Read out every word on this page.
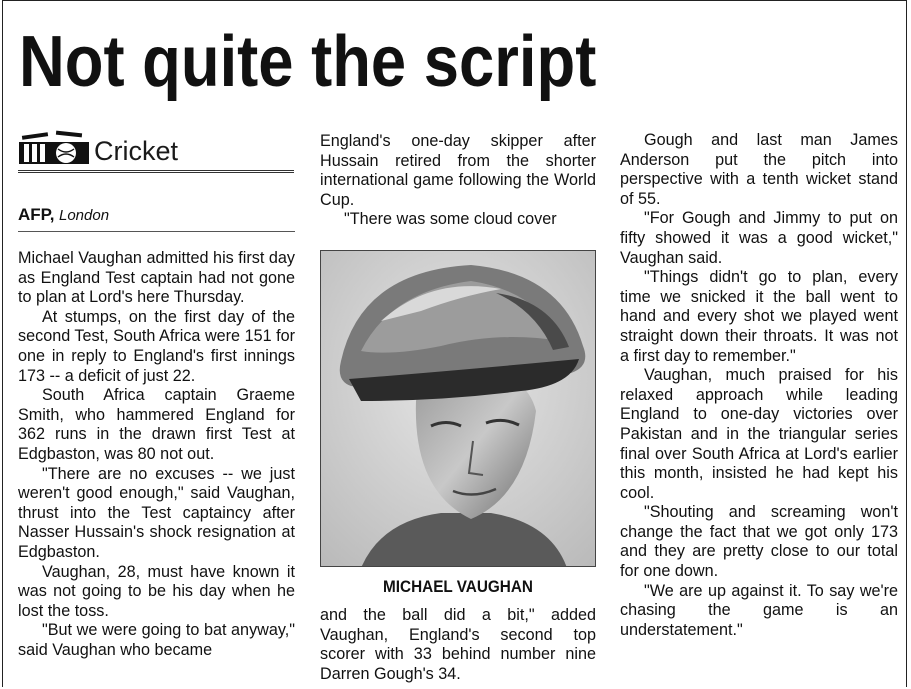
Not quite the script
Cricket
AFP, London

Michael Vaughan admitted his first day as England Test captain had not gone to plan at Lord's here Thursday.

At stumps, on the first day of the second Test, South Africa were 151 for one in reply to England's first innings 173 -- a deficit of just 22.

South Africa captain Graeme Smith, who hammered England for 362 runs in the drawn first Test at Edgbaston, was 80 not out.

"There are no excuses -- we just weren't good enough," said Vaughan, thrust into the Test captaincy after Nasser Hussain's shock resignation at Edgbaston.

Vaughan, 28, must have known it was not going to be his day when he lost the toss.

"But we were going to bat anyway," said Vaughan who became

England's one-day skipper after Hussain retired from the shorter international game following the World Cup.

"There was some cloud cover

MICHAEL VAUGHAN

and the ball did a bit," added Vaughan, England's second top scorer with 33 behind number nine Darren Gough's 34.

Gough and last man James Anderson put the pitch into perspective with a tenth wicket stand of 55.

"For Gough and Jimmy to put on fifty showed it was a good wicket," Vaughan said.

"Things didn't go to plan, every time we snicked it the ball went to hand and every shot we played went straight down their throats. It was not a first day to remember."

Vaughan, much praised for his relaxed approach while leading England to one-day victories over Pakistan and in the triangular series final over South Africa at Lord's earlier this month, insisted he had kept his cool.

"Shouting and screaming won't change the fact that we got only 173 and they are pretty close to our total for one down.

"We are up against it. To say we're chasing the game is an understatement."
